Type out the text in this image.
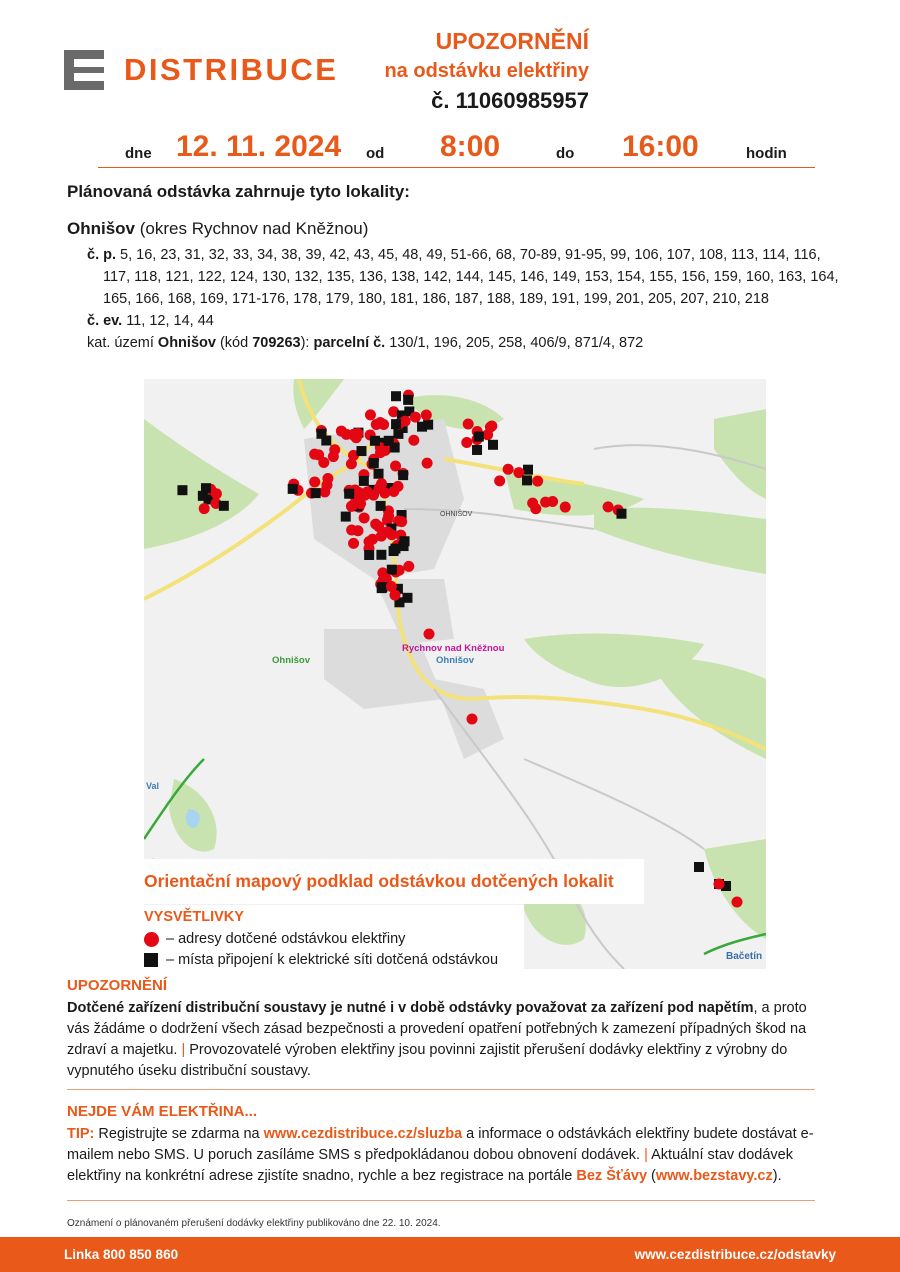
DISTRIBUCE
UPOZORNĚNÍ
na odstávku elektřiny
č. 11060985957
dne 12. 11. 2024 od 8:00	do 16:00	hodin
Plánovaná odstávka zahrnuje tyto lokality:
Ohnišov (okres Rychnov nad Kněžnou)
č. p. 5, 16, 23, 31, 32, 33, 34, 38, 39, 42, 43, 45, 48, 49, 51-66, 68, 70-89, 91-95, 99, 106, 107, 108, 113, 114, 116, 117, 118, 121, 122, 124, 130, 132, 135, 136, 138, 142, 144, 145, 146, 149, 153, 154, 155, 156, 159, 160, 163, 164, 165, 166, 168, 169, 171-176, 178, 179, 180, 181, 186, 187, 188, 189, 191, 199, 201, 205, 207, 210, 218
č. ev. 11, 12, 14, 44
kat. území Ohnišov (kód 709263): parcelní č. 130/1, 196, 205, 258, 406/9, 871/4, 872
OHNIŠOV
Ohnišov
Rychnov nad Kněžnou
Ohnišov
Val
Orientační mapový podklad odstávkou dotčených lokalit
VYSVĚTLIVKY
– adresy dotčené odstávkou elektřiny
– místa připojení k elektrické síti dotčená odstávkou	Bačetín
UPOZORNĚNÍ
Dotčené zařízení distribuční soustavy je nutné i v době odstávky považovat za zařízení pod napětím, a proto vás žádáme o dodržení všech zásad bezpečnosti a provedení opatření potřebných k zamezení případných škod na zdraví a majetku. | Provozovatelé výroben elektřiny jsou povinni zajistit přerušení dodávky elektřiny z výrobny do vypnutého úseku distribuční soustavy.
NEJDE VÁM ELEKTŘINA...
TIP: Registrujte se zdarma na www.cezdistribuce.cz/sluzba a informace o odstávkách elektřiny budete dostávat e-mailem nebo SMS. U poruch zasíláme SMS s předpokládanou dobou obnovení dodávek. | Aktuální stav dodávek elektřiny na konkrétní adrese zjistíte snadno, rychle a bez registrace na portále Bez Šťávy (www.bezstavy.cz).
Oznámení o plánovaném přerušení dodávky elektřiny publikováno dne 22. 10. 2024.
Linka 800 850 860	www.cezdistribuce.cz/odstavky
